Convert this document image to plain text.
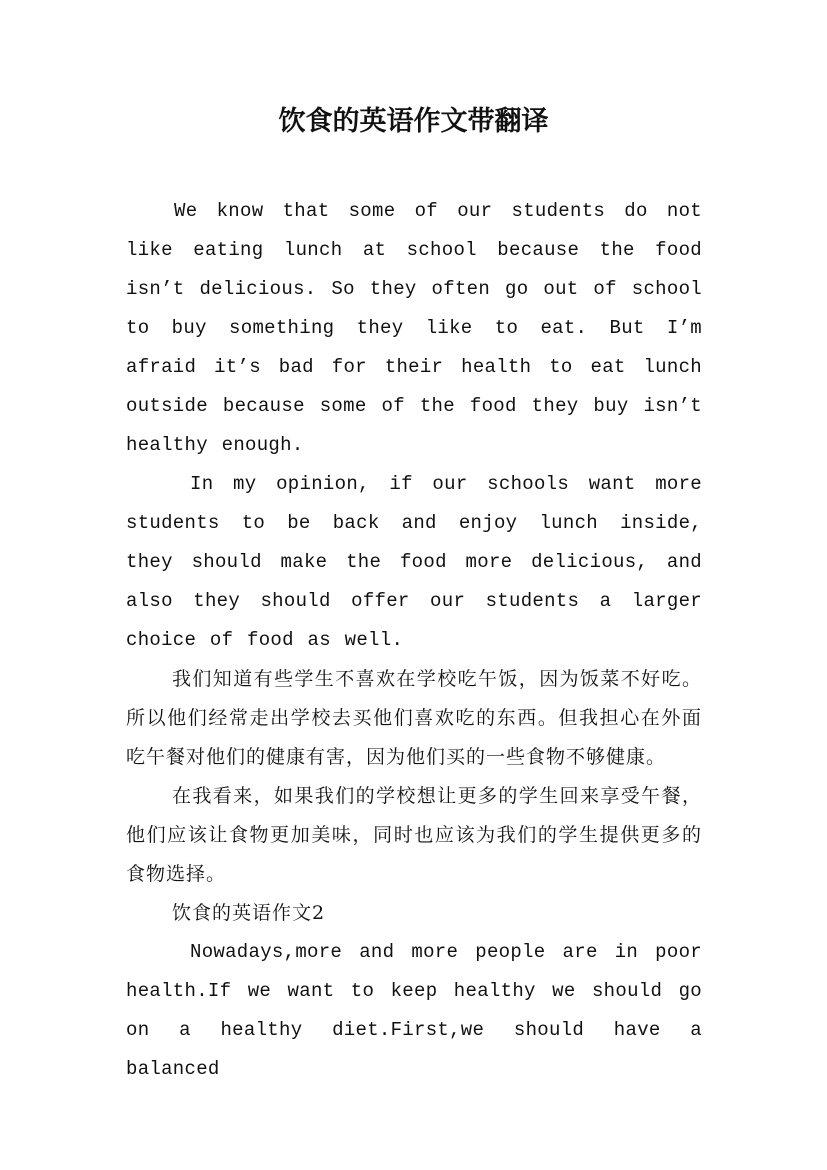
饮食的英语作文带翻译

We know that some of our students do not like eating lunch at school because the food isn’t delicious. So they often go out of school to buy something they like to eat. But I’m afraid it’s bad for their health to eat lunch outside because some of the food they buy isn’t healthy enough.

In my opinion, if our schools want more students to be back and enjoy lunch inside, they should make the food more delicious, and also they should offer our students a larger choice of food as well.

我们知道有些学生不喜欢在学校吃午饭，因为饭菜不好吃。所以他们经常走出学校去买他们喜欢吃的东西。但我担心在外面吃午餐对他们的健康有害，因为他们买的一些食物不够健康。

在我看来，如果我们的学校想让更多的学生回来享受午餐，他们应该让食物更加美味，同时也应该为我们的学生提供更多的食物选择。

饮食的英语作文2

Nowadays,more and more people are in poor health.If we want to keep healthy we should go on a healthy diet.First,we should have a balanced
